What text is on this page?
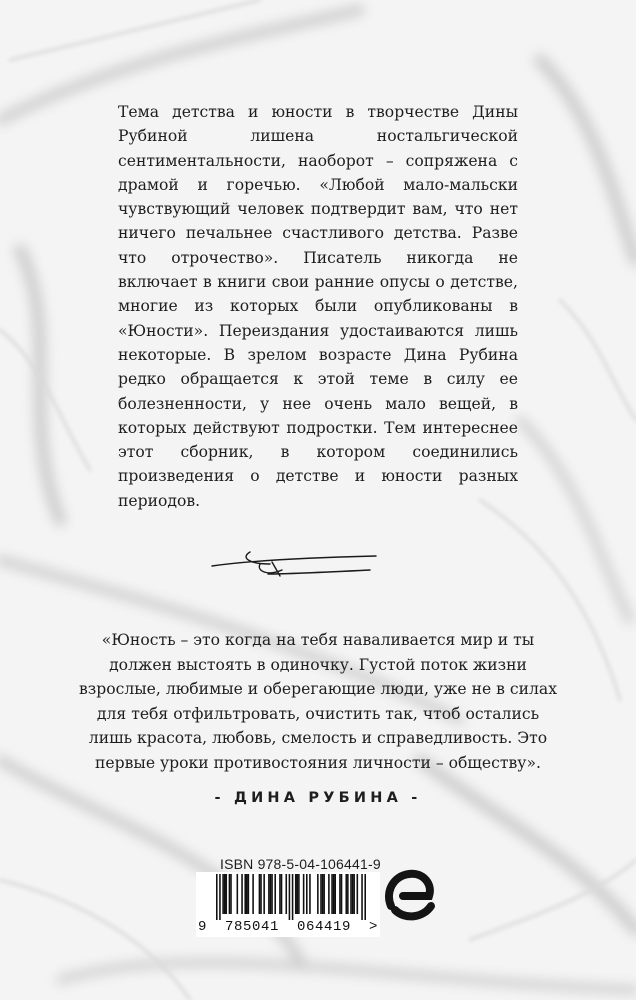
Тема детства и юности в творчестве Дины Рубиной лишена ностальгической сентиментальности, наоборот – сопряжена с драмой и горечью. «Любой мало-мальски чувствующий человек подтвердит вам, что нет ничего печальнее счастливого детства. Разве что отрочество». Писатель никогда не включает в книги свои ранние опусы о детстве, многие из которых были опубликованы в «Юности». Переиздания удостаиваются лишь некоторые. В зрелом возрасте Дина Рубина редко обращается к этой теме в силу ее болезненности, у нее очень мало вещей, в которых действуют подростки. Тем интереснее этот сборник, в котором соединились произведения о детстве и юности разных периодов.

«Юность – это когда на тебя наваливается мир и ты должен выстоять в одиночку. Густой поток жизни взрослые, любимые и оберегающие люди, уже не в силах для тебя отфильтровать, очистить так, чтоб остались лишь красота, любовь, смелость и справедливость. Это первые уроки противостояния личности – обществу».

- ДИНА РУБИНА -
ISBN 978-5-04-106441-9
9  785041  064419  >
